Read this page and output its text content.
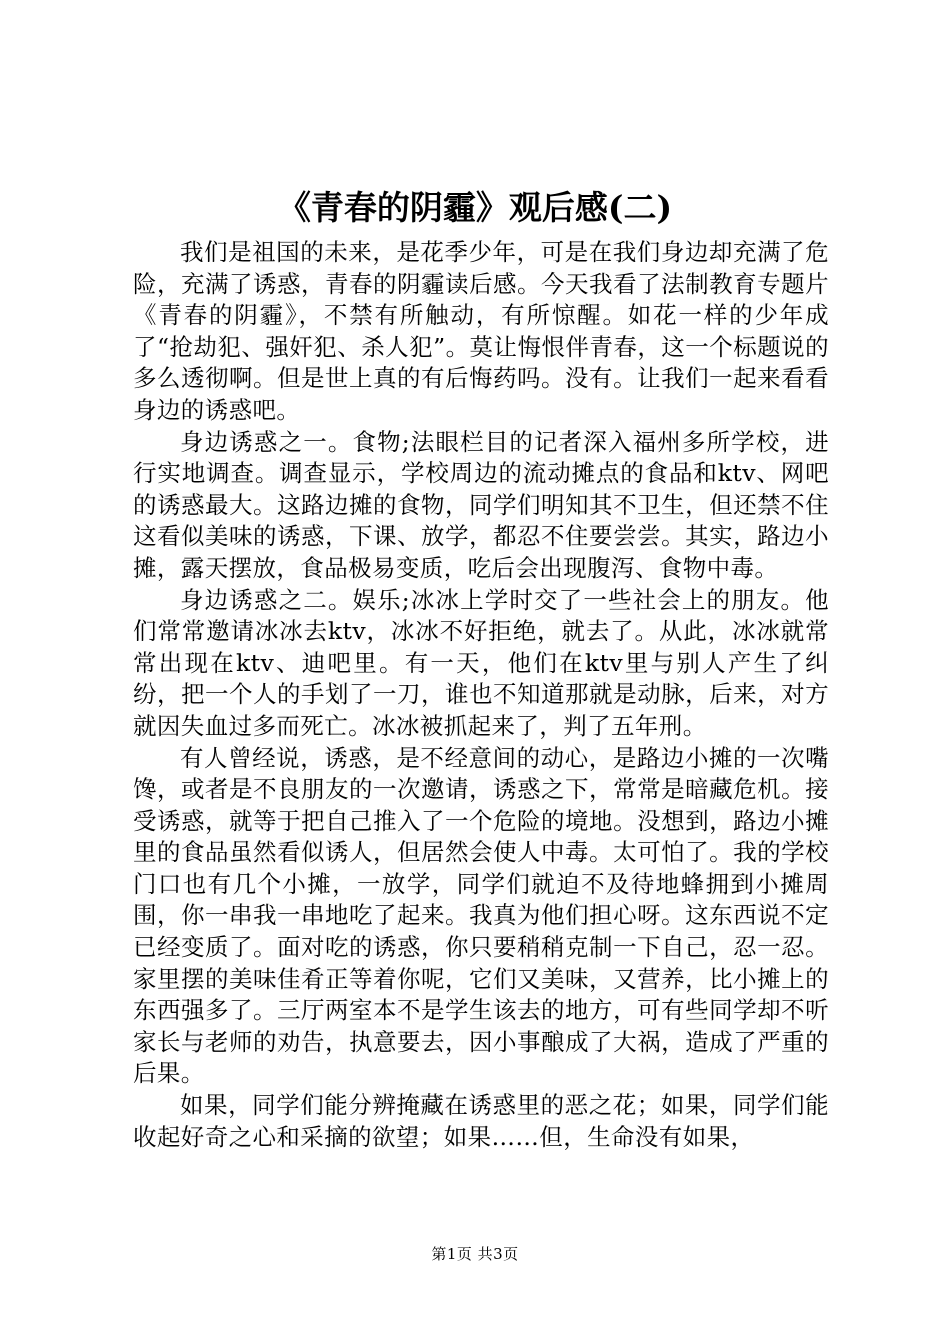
《青春的阴霾》观后感(二)

我们是祖国的未来，是花季少年，可是在我们身边却充满了危险，充满了诱惑，青春的阴霾读后感。今天我看了法制教育专题片《青春的阴霾》，不禁有所触动，有所惊醒。如花一样的少年成了“抢劫犯、强奸犯、杀人犯”。莫让悔恨伴青春，这一个标题说的多么透彻啊。但是世上真的有后悔药吗。没有。让我们一起来看看身边的诱惑吧。

身边诱惑之一。食物;法眼栏目的记者深入福州多所学校，进行实地调查。调查显示，学校周边的流动摊点的食品和ktv、网吧的诱惑最大。这路边摊的食物，同学们明知其不卫生，但还禁不住这看似美味的诱惑，下课、放学，都忍不住要尝尝。其实，路边小摊，露天摆放，食品极易变质，吃后会出现腹泻、食物中毒。

身边诱惑之二。娱乐;冰冰上学时交了一些社会上的朋友。他们常常邀请冰冰去ktv，冰冰不好拒绝，就去了。从此，冰冰就常常出现在ktv、迪吧里。有一天，他们在ktv里与别人产生了纠纷，把一个人的手划了一刀，谁也不知道那就是动脉，后来，对方就因失血过多而死亡。冰冰被抓起来了，判了五年刑。

有人曾经说，诱惑，是不经意间的动心，是路边小摊的一次嘴馋，或者是不良朋友的一次邀请，诱惑之下，常常是暗藏危机。接受诱惑，就等于把自己推入了一个危险的境地。没想到，路边小摊里的食品虽然看似诱人，但居然会使人中毒。太可怕了。我的学校门口也有几个小摊，一放学，同学们就迫不及待地蜂拥到小摊周围，你一串我一串地吃了起来。我真为他们担心呀。这东西说不定已经变质了。面对吃的诱惑，你只要稍稍克制一下自己，忍一忍。家里摆的美味佳肴正等着你呢，它们又美味，又营养，比小摊上的东西强多了。三厅两室本不是学生该去的地方，可有些同学却不听家长与老师的劝告，执意要去，因小事酿成了大祸，造成了严重的后果。

如果，同学们能分辨掩藏在诱惑里的恶之花；如果，同学们能收起好奇之心和采摘的欲望；如果……但，生命没有如果，

第1页 共3页
